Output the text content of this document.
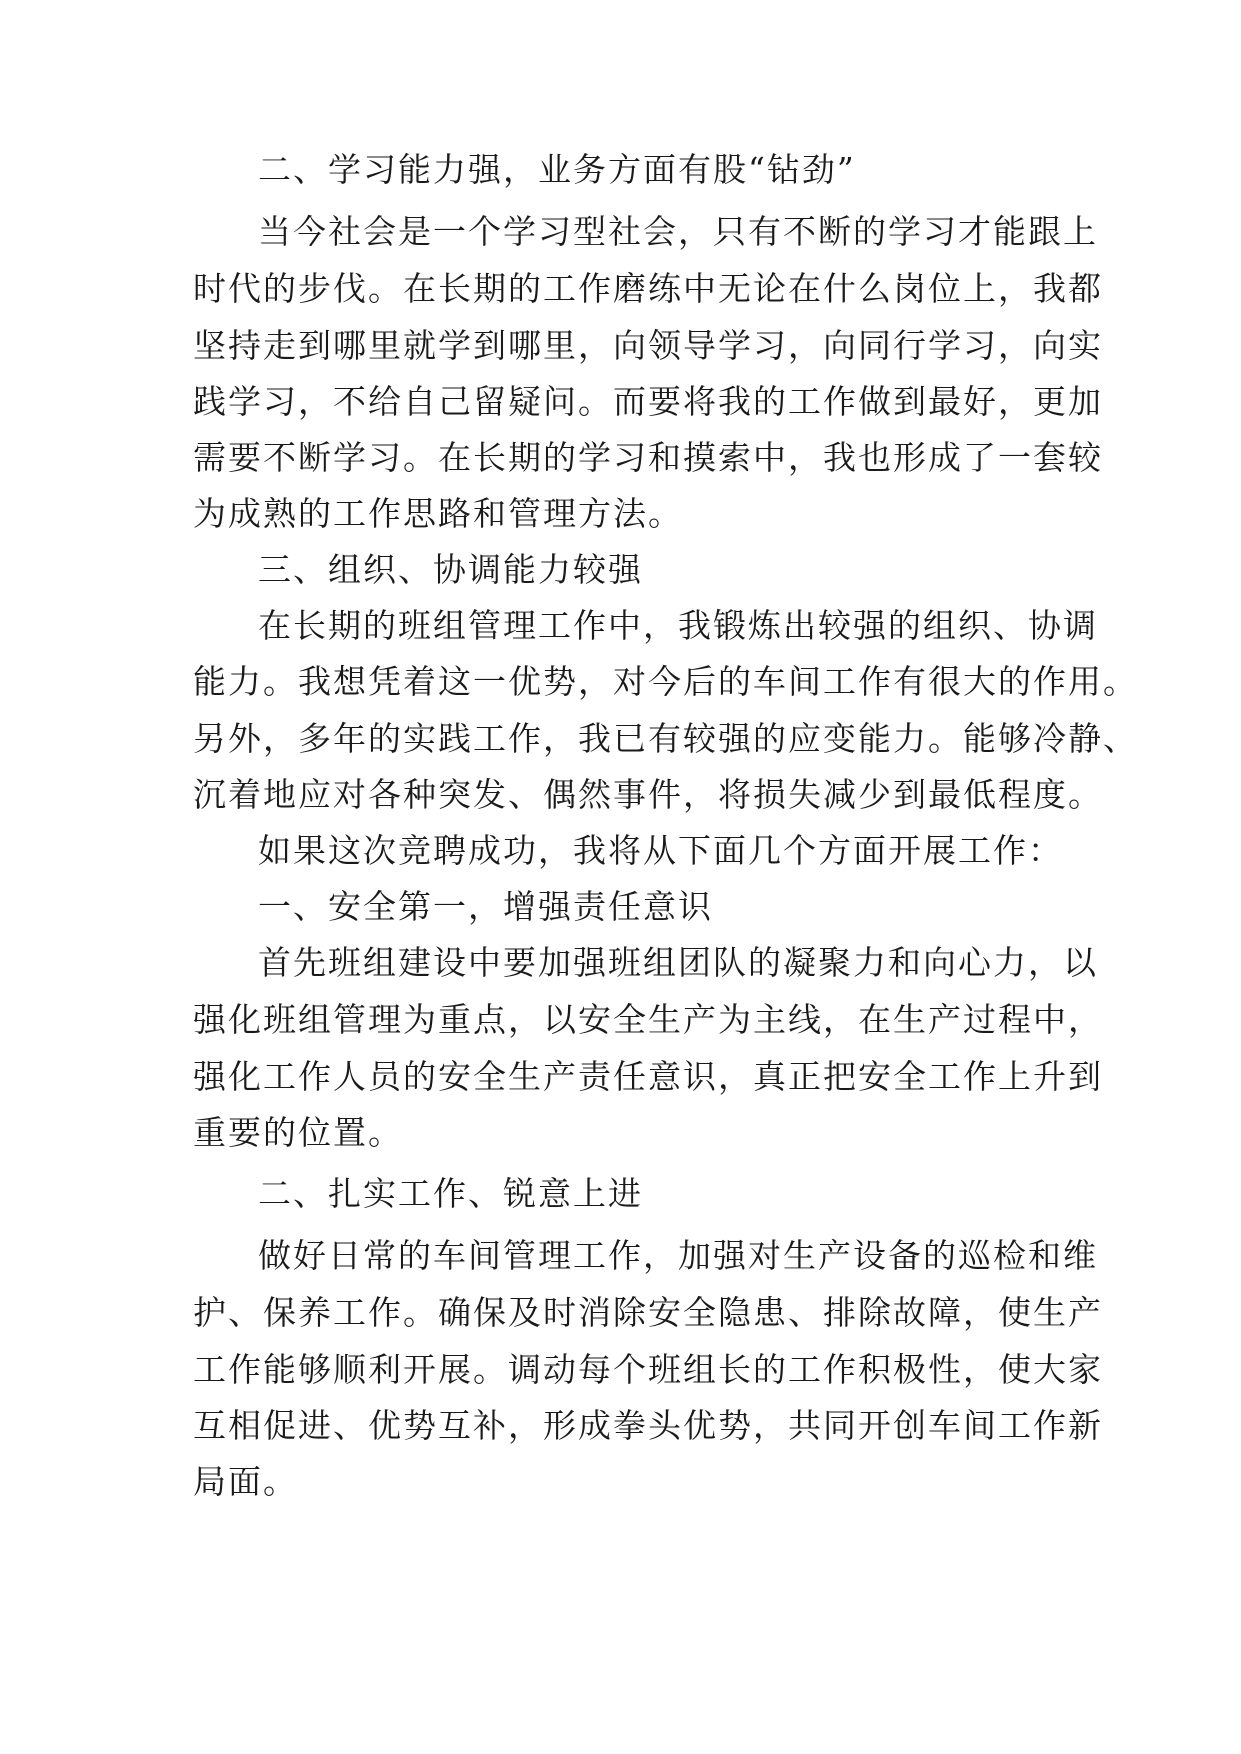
二、学习能力强，业务方面有股“钻劲”
当今社会是一个学习型社会，只有不断的学习才能跟上
时代的步伐。在长期的工作磨练中无论在什么岗位上，我都
坚持走到哪里就学到哪里，向领导学习，向同行学习，向实
践学习，不给自己留疑问。而要将我的工作做到最好，更加
需要不断学习。在长期的学习和摸索中，我也形成了一套较
为成熟的工作思路和管理方法。
三、组织、协调能力较强
在长期的班组管理工作中，我锻炼出较强的组织、协调
能力。我想凭着这一优势，对今后的车间工作有很大的作用。
另外，多年的实践工作，我已有较强的应变能力。能够冷静、
沉着地应对各种突发、偶然事件，将损失减少到最低程度。
如果这次竞聘成功，我将从下面几个方面开展工作：
一、安全第一，增强责任意识
首先班组建设中要加强班组团队的凝聚力和向心力，以
强化班组管理为重点，以安全生产为主线，在生产过程中，
强化工作人员的安全生产责任意识，真正把安全工作上升到
重要的位置。
二、扎实工作、锐意上进
做好日常的车间管理工作，加强对生产设备的巡检和维
护、保养工作。确保及时消除安全隐患、排除故障，使生产
工作能够顺利开展。调动每个班组长的工作积极性，使大家
互相促进、优势互补，形成拳头优势，共同开创车间工作新
局面。
